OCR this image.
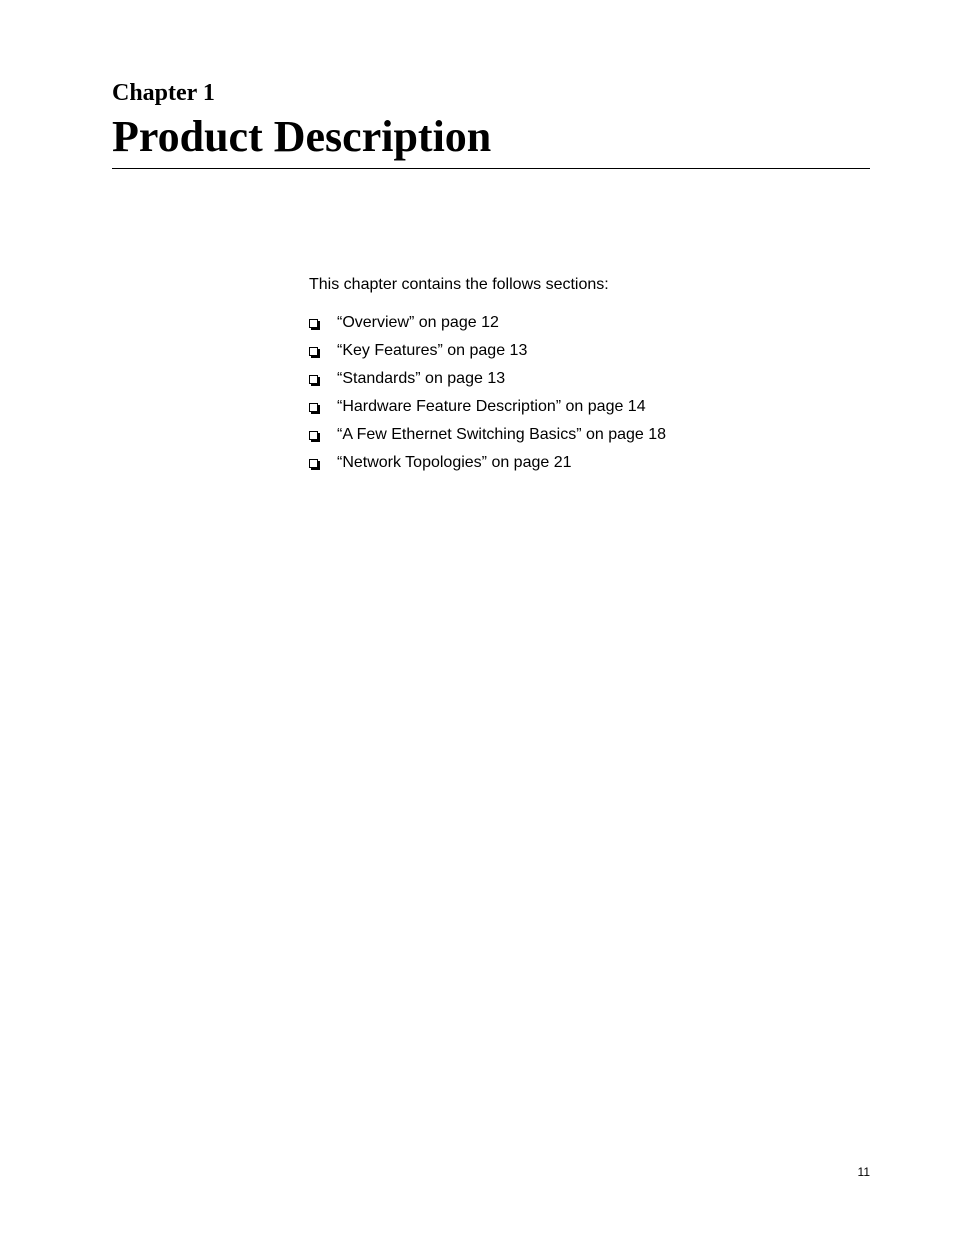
Chapter 1
Product Description

This chapter contains the follows sections:

“Overview” on page 12
“Key Features” on page 13
“Standards” on page 13
“Hardware Feature Description” on page 14
“A Few Ethernet Switching Basics” on page 18
“Network Topologies” on page 21

11
